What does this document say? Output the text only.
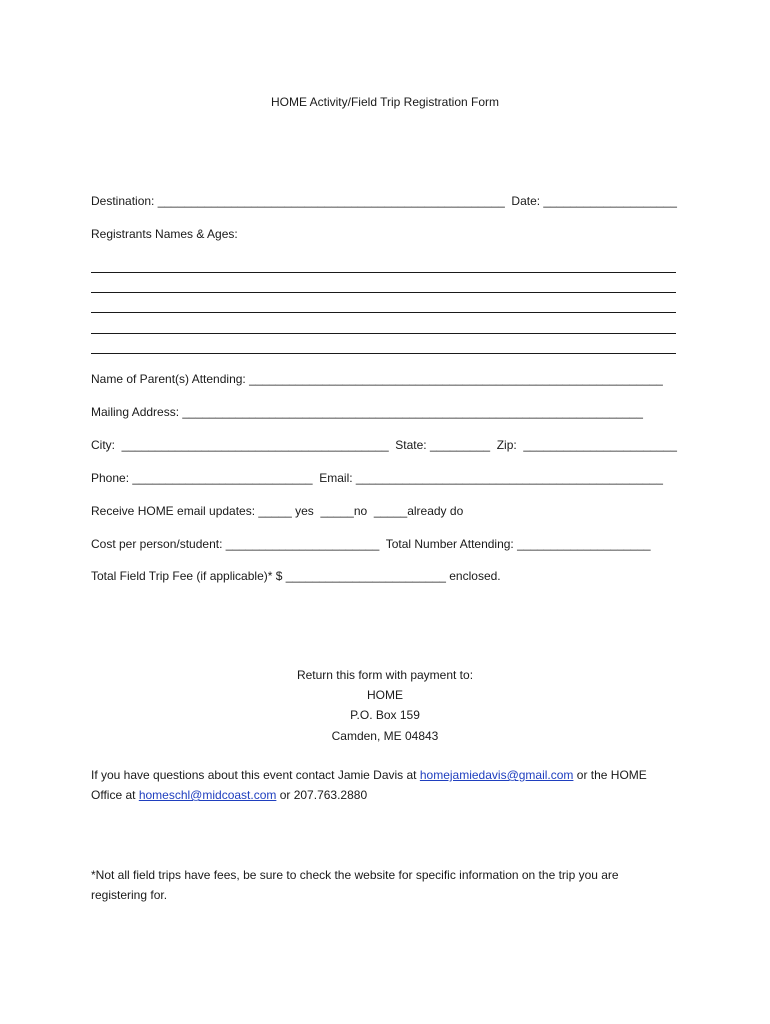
HOME Activity/Field Trip Registration Form
Destination: ____________________________________________________  Date: ____________________
Registrants Names & Ages:
Name of Parent(s) Attending: ______________________________________________________________
Mailing Address: _____________________________________________________________________
City:  ________________________________________  State: _________  Zip:  _______________________
Phone: ___________________________  Email: ______________________________________________
Receive HOME email updates: _____ yes  _____no  _____already do
Cost per person/student: _______________________  Total Number Attending: ____________________
Total Field Trip Fee (if applicable)* $ ________________________ enclosed.
Return this form with payment to:
HOME
P.O. Box 159
Camden, ME 04843
If you have questions about this event contact Jamie Davis at homejamiedavis@gmail.com or the HOME
Office at homeschl@midcoast.com or 207.763.2880
*Not all field trips have fees, be sure to check the website for specific information on the trip you are
registering for.
